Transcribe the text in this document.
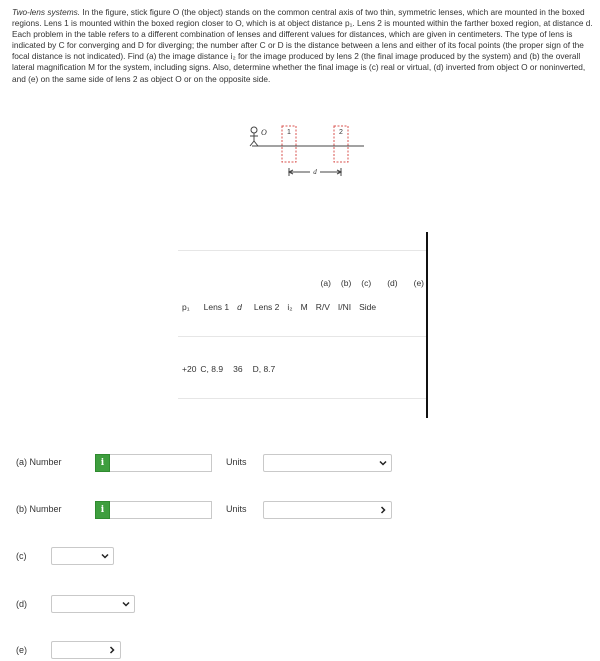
Two-lens systems. In the figure, stick figure O (the object) stands on the common central axis of two thin, symmetric lenses, which are mounted in the boxed regions. Lens 1 is mounted within the boxed region closer to O, which is at object distance p₁. Lens 2 is mounted within the farther boxed region, at distance d. Each problem in the table refers to a different combination of lenses and different values for distances, which are given in centimeters. The type of lens is indicated by C for converging and D for diverging; the number after C or D is the distance between a lens and either of its focal points (the proper sign of the focal distance is not indicated). Find (a) the image distance i₂ for the image produced by lens 2 (the final image produced by the system) and (b) the overall lateral magnification M for the system, including signs. Also, determine whether the final image is (c) real or virtual, (d) inverted from object O or noninverted, and (e) on the same side of lens 2 as object O or on the opposite side.
O	1	2
d
(a) (b) (c) (d) (e)
p₁ Lens 1 d Lens 2 i₂ M R/V I/NI Side
+20 C, 8.9 36 D, 8.7
(a) Number	i	Units
(b) Number	i	Units
(c)
(d)
(e)
